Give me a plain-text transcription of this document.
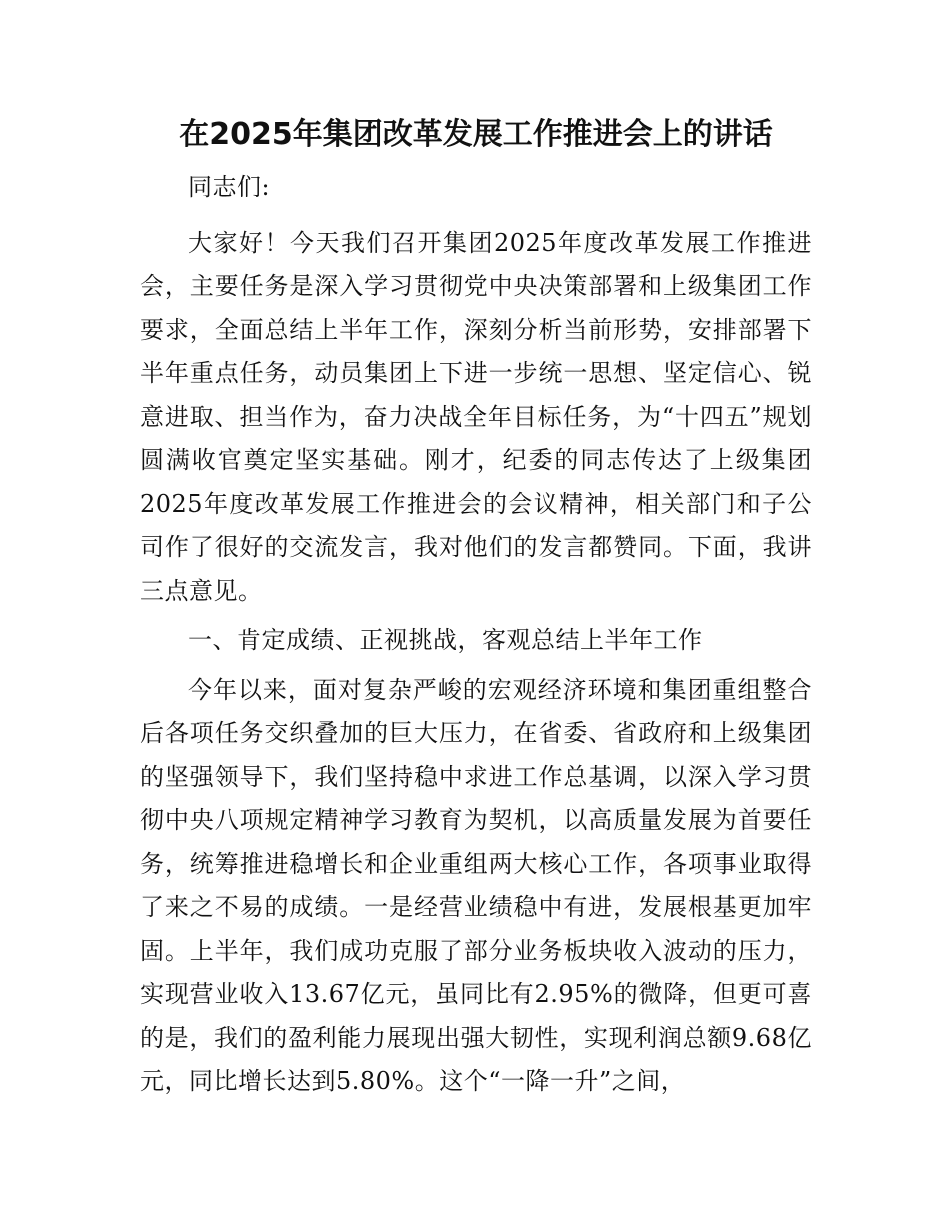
在2025年集团改革发展工作推进会上的讲话

同志们:

大家好！今天我们召开集团2025年度改革发展工作推进会，主要任务是深入学习贯彻党中央决策部署和上级集团工作要求，全面总结上半年工作，深刻分析当前形势，安排部署下半年重点任务，动员集团上下进一步统一思想、坚定信心、锐意进取、担当作为，奋力决战全年目标任务，为“十四五”规划圆满收官奠定坚实基础。刚才，纪委的同志传达了上级集团2025年度改革发展工作推进会的会议精神，相关部门和子公司作了很好的交流发言，我对他们的发言都赞同。下面，我讲三点意见。

一、肯定成绩、正视挑战，客观总结上半年工作

今年以来，面对复杂严峻的宏观经济环境和集团重组整合后各项任务交织叠加的巨大压力，在省委、省政府和上级集团的坚强领导下，我们坚持稳中求进工作总基调，以深入学习贯彻中央八项规定精神学习教育为契机，以高质量发展为首要任务，统筹推进稳增长和企业重组两大核心工作，各项事业取得了来之不易的成绩。一是经营业绩稳中有进，发展根基更加牢固。上半年，我们成功克服了部分业务板块收入波动的压力，实现营业收入13.67亿元，虽同比有2.95%的微降，但更可喜的是，我们的盈利能力展现出强大韧性，实现利润总额9.68亿元，同比增长达到5.80%。这个“一降一升”之间，
